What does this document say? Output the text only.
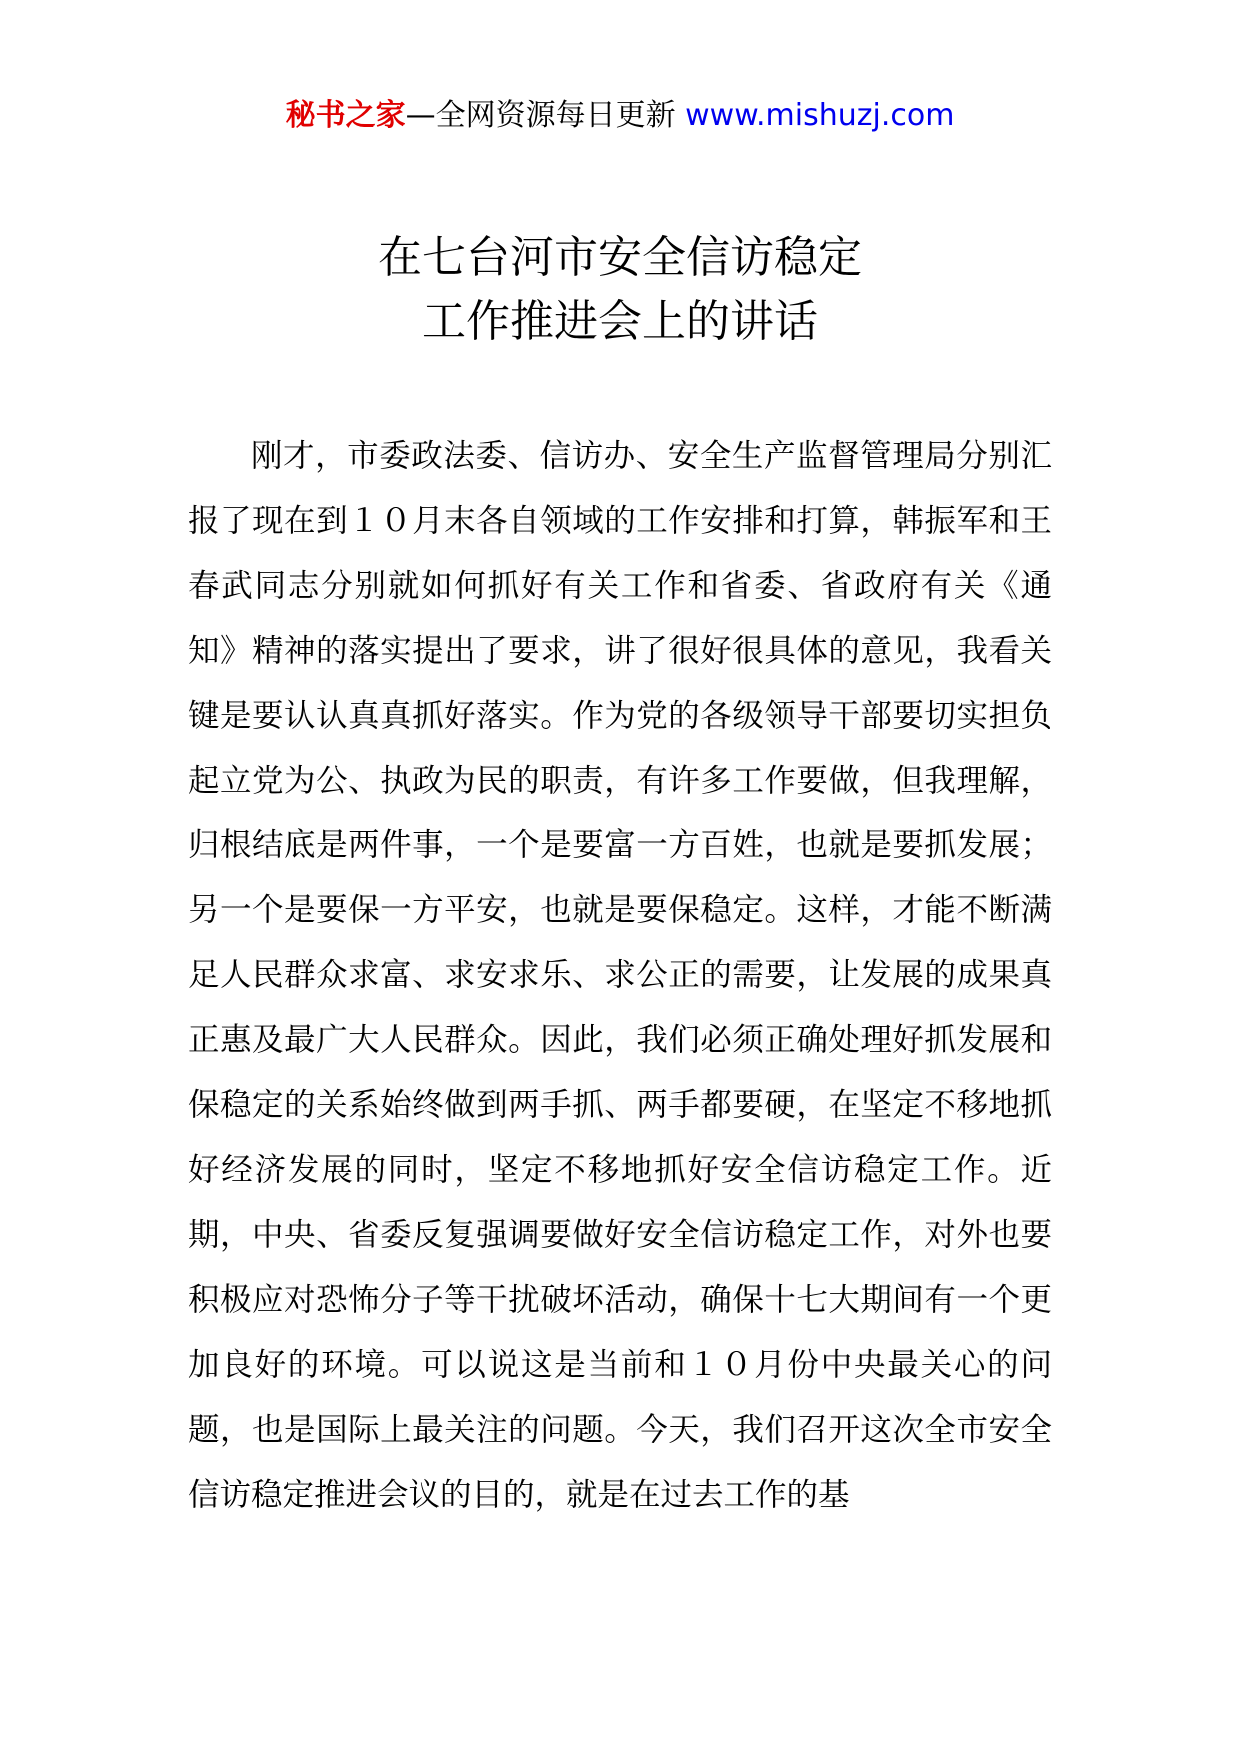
秘书之家—全网资源每日更新 www.mishuzj.com
在七台河市安全信访稳定
工作推进会上的讲话

刚才，市委政法委、信访办、安全生产监督管理局分别汇报了现在到１０月末各自领域的工作安排和打算，韩振军和王春武同志分别就如何抓好有关工作和省委、省政府有关《通知》精神的落实提出了要求，讲了很好很具体的意见，我看关键是要认认真真抓好落实。作为党的各级领导干部要切实担负起立党为公、执政为民的职责，有许多工作要做，但我理解，归根结底是两件事，一个是要富一方百姓，也就是要抓发展；另一个是要保一方平安，也就是要保稳定。这样，才能不断满足人民群众求富、求安求乐、求公正的需要，让发展的成果真正惠及最广大人民群众。因此，我们必须正确处理好抓发展和保稳定的关系始终做到两手抓、两手都要硬，在坚定不移地抓好经济发展的同时，坚定不移地抓好安全信访稳定工作。近期，中央、省委反复强调要做好安全信访稳定工作，对外也要积极应对恐怖分子等干扰破坏活动，确保十七大期间有一个更加良好的环境。可以说这是当前和１０月份中央最关心的问题，也是国际上最关注的问题。今天，我们召开这次全市安全信访稳定推进会议的目的，就是在过去工作的基
